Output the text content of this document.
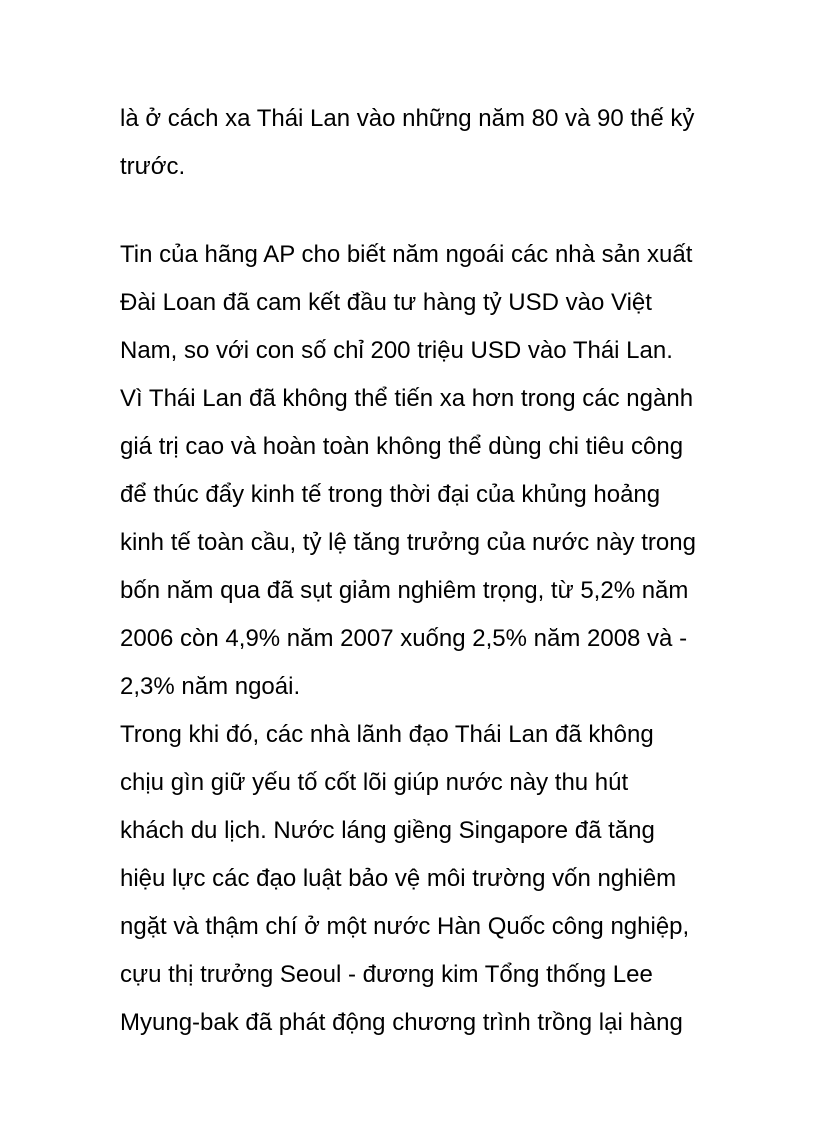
là ở cách xa Thái Lan vào những năm 80 và 90 thế kỷ
trước.
Tin của hãng AP cho biết năm ngoái các nhà sản xuất
Đài Loan đã cam kết đầu tư hàng tỷ USD vào Việt
Nam, so với con số chỉ 200 triệu USD vào Thái Lan.
Vì Thái Lan đã không thể tiến xa hơn trong các ngành
giá trị cao và hoàn toàn không thể dùng chi tiêu công
để thúc đẩy kinh tế trong thời đại của khủng hoảng
kinh tế toàn cầu, tỷ lệ tăng trưởng của nước này trong
bốn năm qua đã sụt giảm nghiêm trọng, từ 5,2% năm
2006 còn 4,9% năm 2007 xuống 2,5% năm 2008 và -
2,3% năm ngoái.
Trong khi đó, các nhà lãnh đạo Thái Lan đã không
chịu gìn giữ yếu tố cốt lõi giúp nước này thu hút
khách du lịch. Nước láng giềng Singapore đã tăng
hiệu lực các đạo luật bảo vệ môi trường vốn nghiêm
ngặt và thậm chí ở một nước Hàn Quốc công nghiệp,
cựu thị trưởng Seoul - đương kim Tổng thống Lee
Myung-bak đã phát động chương trình trồng lại hàng
